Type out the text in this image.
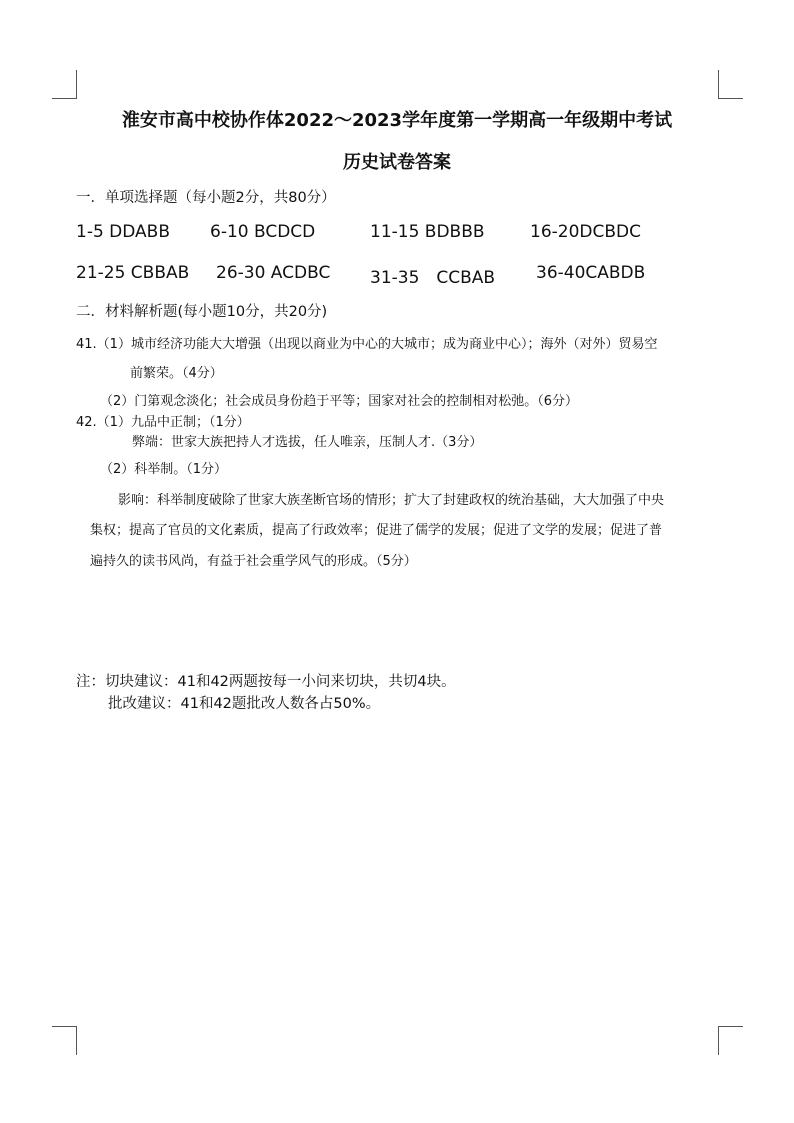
淮安市高中校协作体2022～2023学年度第一学期高一年级期中考试
历史试卷答案
一．单项选择题（每小题2分，共80分）
1-5 DDABB 6-10 BCDCD	11-15 BDBBB	16-20DCBDC
21-25 CBBAB 26-30 ACDBC 31-35　CCBAB 36-40CABDB
二．材料解析题(每小题10分，共20分)
41.（1）城市经济功能大大增强（出现以商业为中心的大城市；成为商业中心）；海外（对外）贸易空
前繁荣。（4分）
（2）门第观念淡化；社会成员身份趋于平等；国家对社会的控制相对松弛。（6分）
42.（1）九品中正制；（1分）
弊端：世家大族把持人才选拔，任人唯亲，压制人才.（3分）
（2）科举制。（1分）
影响：科举制度破除了世家大族垄断官场的情形；扩大了封建政权的统治基础，大大加强了中央
集权；提高了官员的文化素质，提高了行政效率；促进了儒学的发展；促进了文学的发展；促进了普
遍持久的读书风尚，有益于社会重学风气的形成。（5分）
注：切块建议：41和42两题按每一小问来切块，共切4块。
批改建议：41和42题批改人数各占50%。
